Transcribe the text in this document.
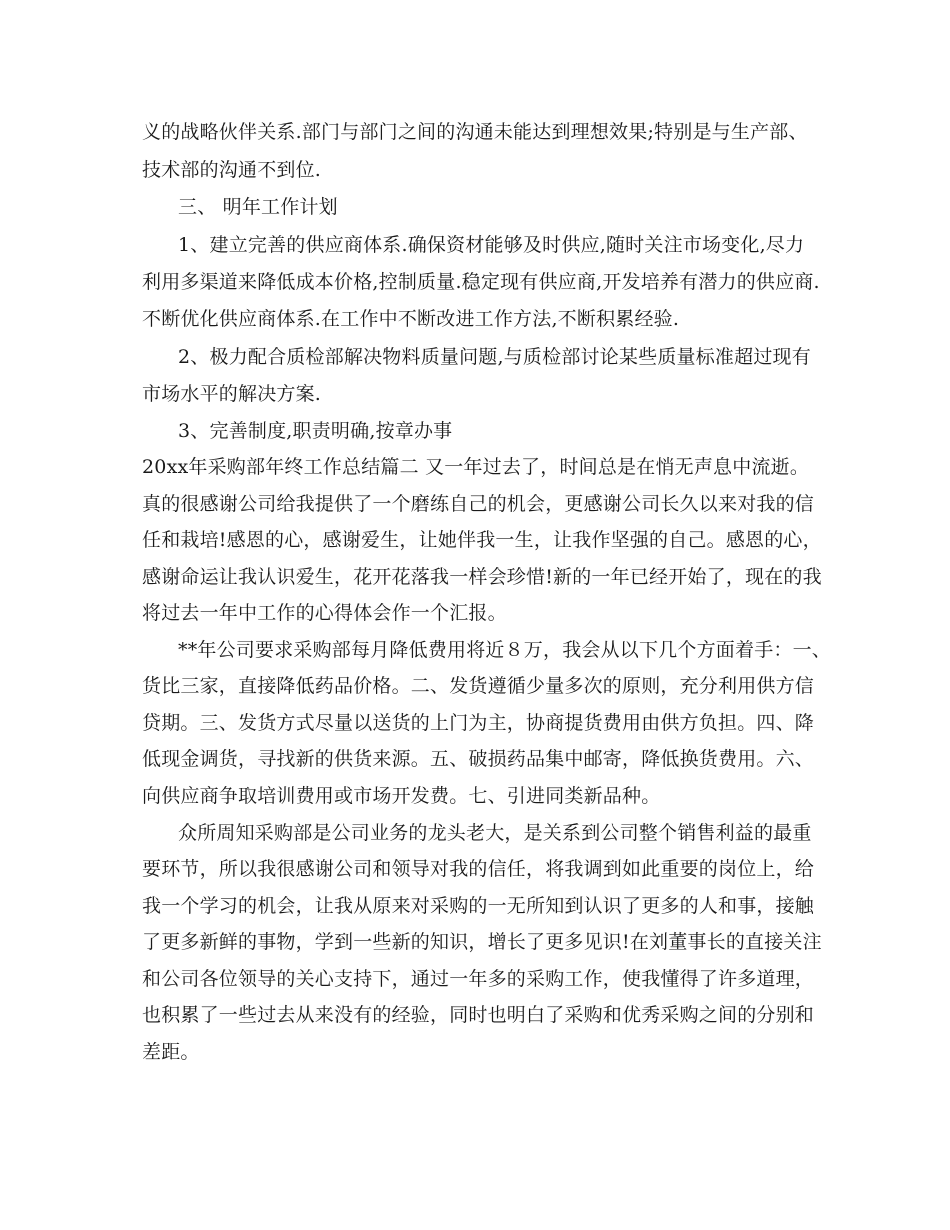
义的战略伙伴关系.部门与部门之间的沟通未能达到理想效果;特别是与生产部、

技术部的沟通不到位.

三、 明年工作计划

1、建立完善的供应商体系.确保资材能够及时供应,随时关注市场变化,尽力

利用多渠道来降低成本价格,控制质量.稳定现有供应商,开发培养有潜力的供应商.

不断优化供应商体系.在工作中不断改进工作方法,不断积累经验.

2、极力配合质检部解决物料质量问题,与质检部讨论某些质量标准超过现有

市场水平的解决方案.

3、完善制度,职责明确,按章办事

20xx年采购部年终工作总结篇二 又一年过去了，时间总是在悄无声息中流逝。

真的很感谢公司给我提供了一个磨练自己的机会，更感谢公司长久以来对我的信

任和栽培!感恩的心，感谢爱生，让她伴我一生，让我作坚强的自己。感恩的心，

感谢命运让我认识爱生，花开花落我一样会珍惜!新的一年已经开始了，现在的我

将过去一年中工作的心得体会作一个汇报。

**年公司要求采购部每月降低费用将近８万，我会从以下几个方面着手：一、

货比三家，直接降低药品价格。二、发货遵循少量多次的原则，充分利用供方信

贷期。三、发货方式尽量以送货的上门为主，协商提货费用由供方负担。四、降

低现金调货，寻找新的供货来源。五、破损药品集中邮寄，降低换货费用。六、

向供应商争取培训费用或市场开发费。七、引进同类新品种。

众所周知采购部是公司业务的龙头老大，是关系到公司整个销售利益的最重

要环节，所以我很感谢公司和领导对我的信任，将我调到如此重要的岗位上，给

我一个学习的机会，让我从原来对采购的一无所知到认识了更多的人和事，接触

了更多新鲜的事物，学到一些新的知识，增长了更多见识!在刘董事长的直接关注

和公司各位领导的关心支持下，通过一年多的采购工作，使我懂得了许多道理，

也积累了一些过去从来没有的经验，同时也明白了采购和优秀采购之间的分别和

差距。
